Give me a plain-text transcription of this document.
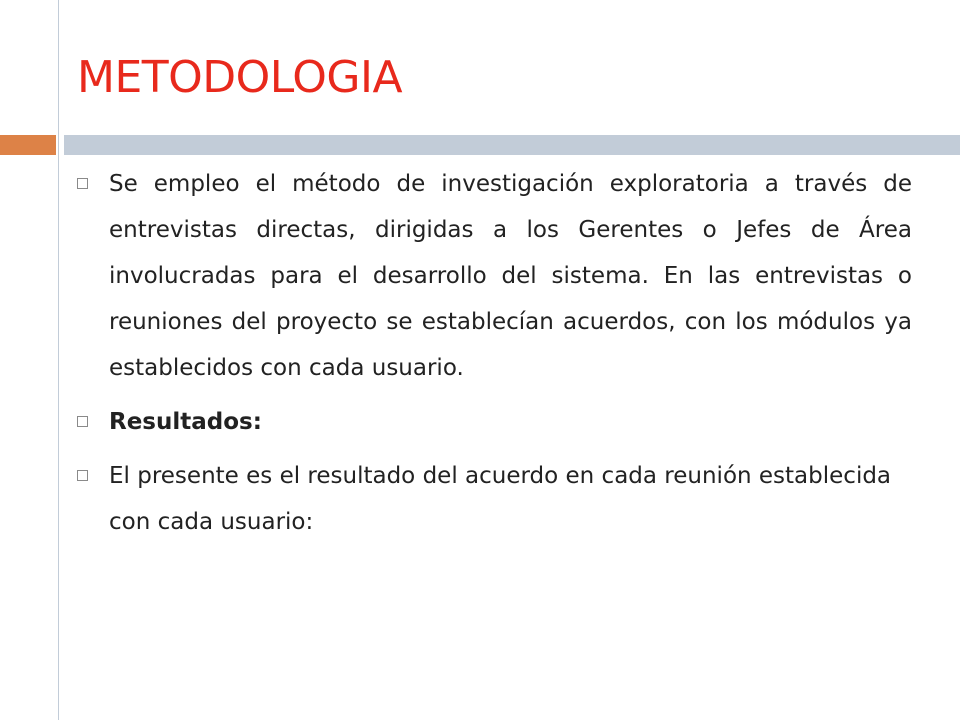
METODOLOGIA
Se empleo el método de investigación exploratoria a través de entrevistas directas, dirigidas a los Gerentes o Jefes de Área involucradas para el desarrollo del sistema. En las entrevistas o reuniones del proyecto se establecían acuerdos, con los módulos ya establecidos con cada usuario.
Resultados:
El presente es el resultado del acuerdo en cada reunión establecida con cada usuario:
